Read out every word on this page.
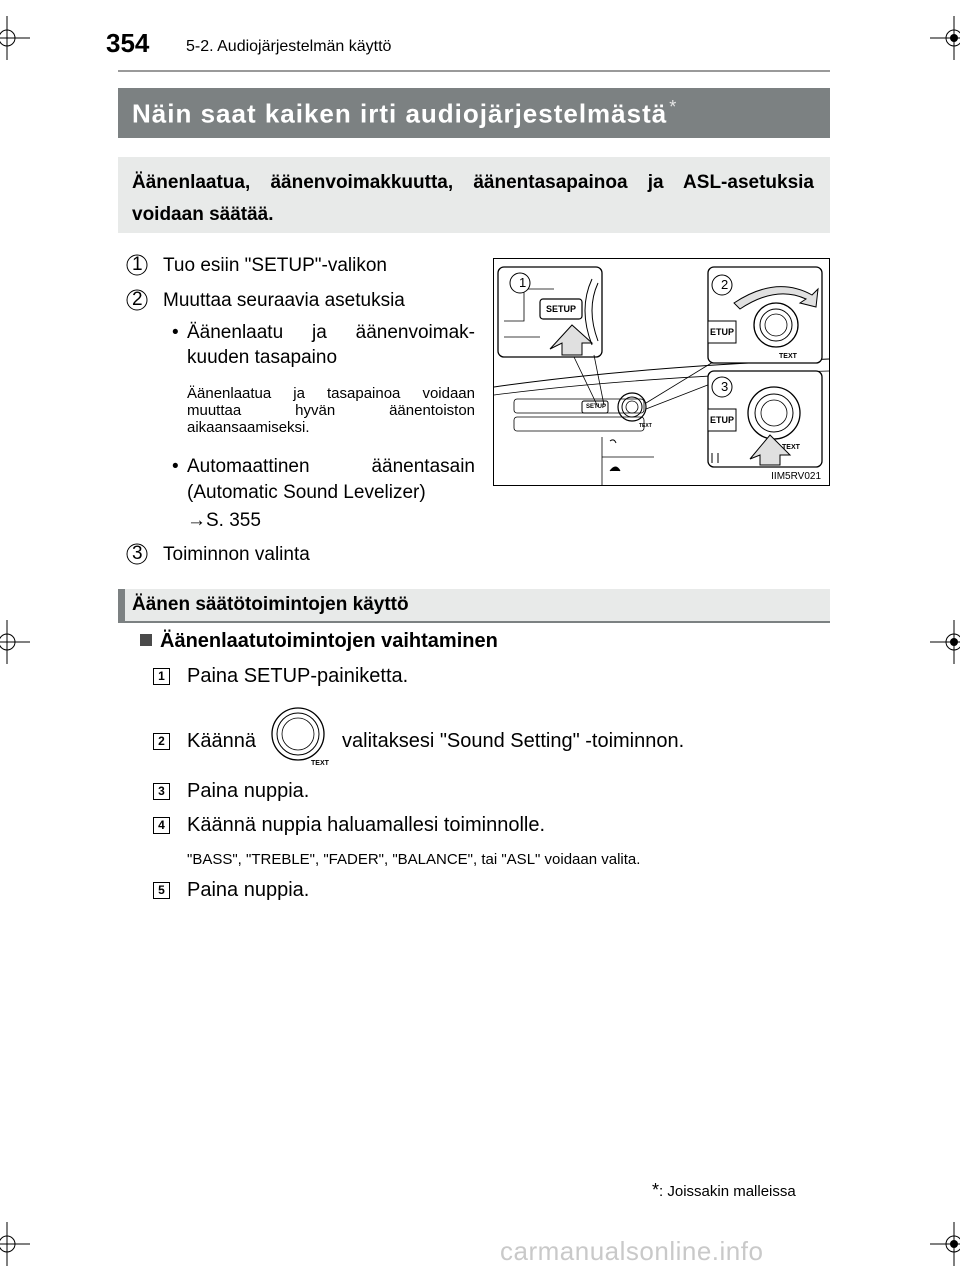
354 5-2. Audiojärjestelmän käyttö
Näin saat kaiken irti audiojärjestelmästä *
Äänenlaatua, äänenvoimakkuutta, äänentasapainoa ja ASL-asetuksia voidaan säätää.
1 Tuo esiin "SETUP"-valikon
2 Muuttaa seuraavia asetuksia
• Äänenlaatu ja äänenvoimak-
kuuden tasapaino
Äänenlaatua ja tasapainoa voidaan muuttaa hyvän äänentoiston aikaansaamiseksi.
• Automaattinen äänentasain
(Automatic Sound Levelizer)
→S. 355
3 Toiminnon valinta
1	2
3
SETUP
SETUP
ETUP
ETUP
TEXT
TEXT
TEXT
IIM5RV021
Äänen säätötoimintojen käyttö
Äänenlaatutoimintojen vaihtaminen
1 Paina SETUP-painiketta.
2 Käännä
TEXT
valitaksesi "Sound Setting" -toiminnon.
3 Paina nuppia.
4 Käännä nuppia haluamallesi toiminnolle.
"BASS", "TREBLE", "FADER", "BALANCE", tai "ASL" voidaan valita.
5 Paina nuppia.
*: Joissakin malleissa
carmanualsonline.info
